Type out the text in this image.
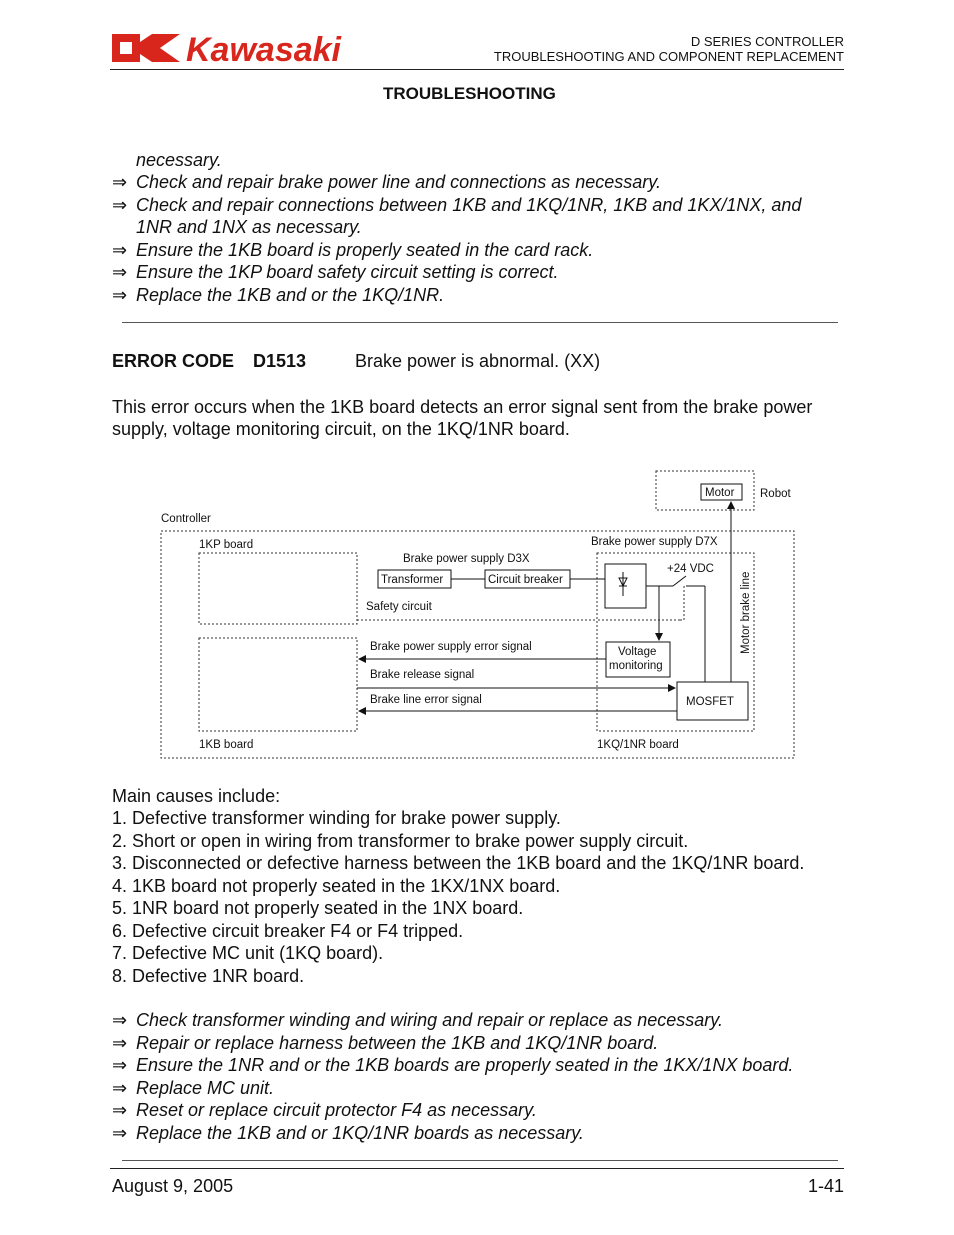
Kawasaki	D SERIES CONTROLLER
TROUBLESHOOTING AND COMPONENT REPLACEMENT
TROUBLESHOOTING
necessary.
⇒ Check and repair brake power line and connections as necessary.
⇒ Check and repair connections between 1KB and 1KQ/1NR, 1KB and 1KX/1NX, and
1NR and 1NX as necessary.
⇒ Ensure the 1KB board is properly seated in the card rack.
⇒ Ensure the 1KP board safety circuit setting is correct.
⇒ Replace the 1KB and or the 1KQ/1NR.
ERROR CODE D1513	Brake power is abnormal. (XX)
This error occurs when the 1KB board detects an error signal sent from the brake power
supply, voltage monitoring circuit, on the 1KQ/1NR board.
Motor Robot
Controller
1KP board
1KB board	1KQ/1NR board
Brake power supply D7X
Brake power supply D3X
Transformer	Circuit breaker
Safety circuit
+24 VDC
Motor brake line
Voltage
monitoring
MOSFET
Brake power supply error signal
Brake release signal
Brake line error signal
Main causes include:
1. Defective transformer winding for brake power supply.
2. Short or open in wiring from transformer to brake power supply circuit.
3. Disconnected or defective harness between the 1KB board and the 1KQ/1NR board.
4. 1KB board not properly seated in the 1KX/1NX board.
5. 1NR board not properly seated in the 1NX board.
6. Defective circuit breaker F4 or F4 tripped.
7. Defective MC unit (1KQ board).
8. Defective 1NR board.
⇒ Check transformer winding and wiring and repair or replace as necessary.
⇒ Repair or replace harness between the 1KB and 1KQ/1NR board.
⇒ Ensure the 1NR and or the 1KB boards are properly seated in the 1KX/1NX board.
⇒ Replace MC unit.
⇒ Reset or replace circuit protector F4 as necessary.
⇒ Replace the 1KB and or 1KQ/1NR boards as necessary.
August 9, 2005	1-41
